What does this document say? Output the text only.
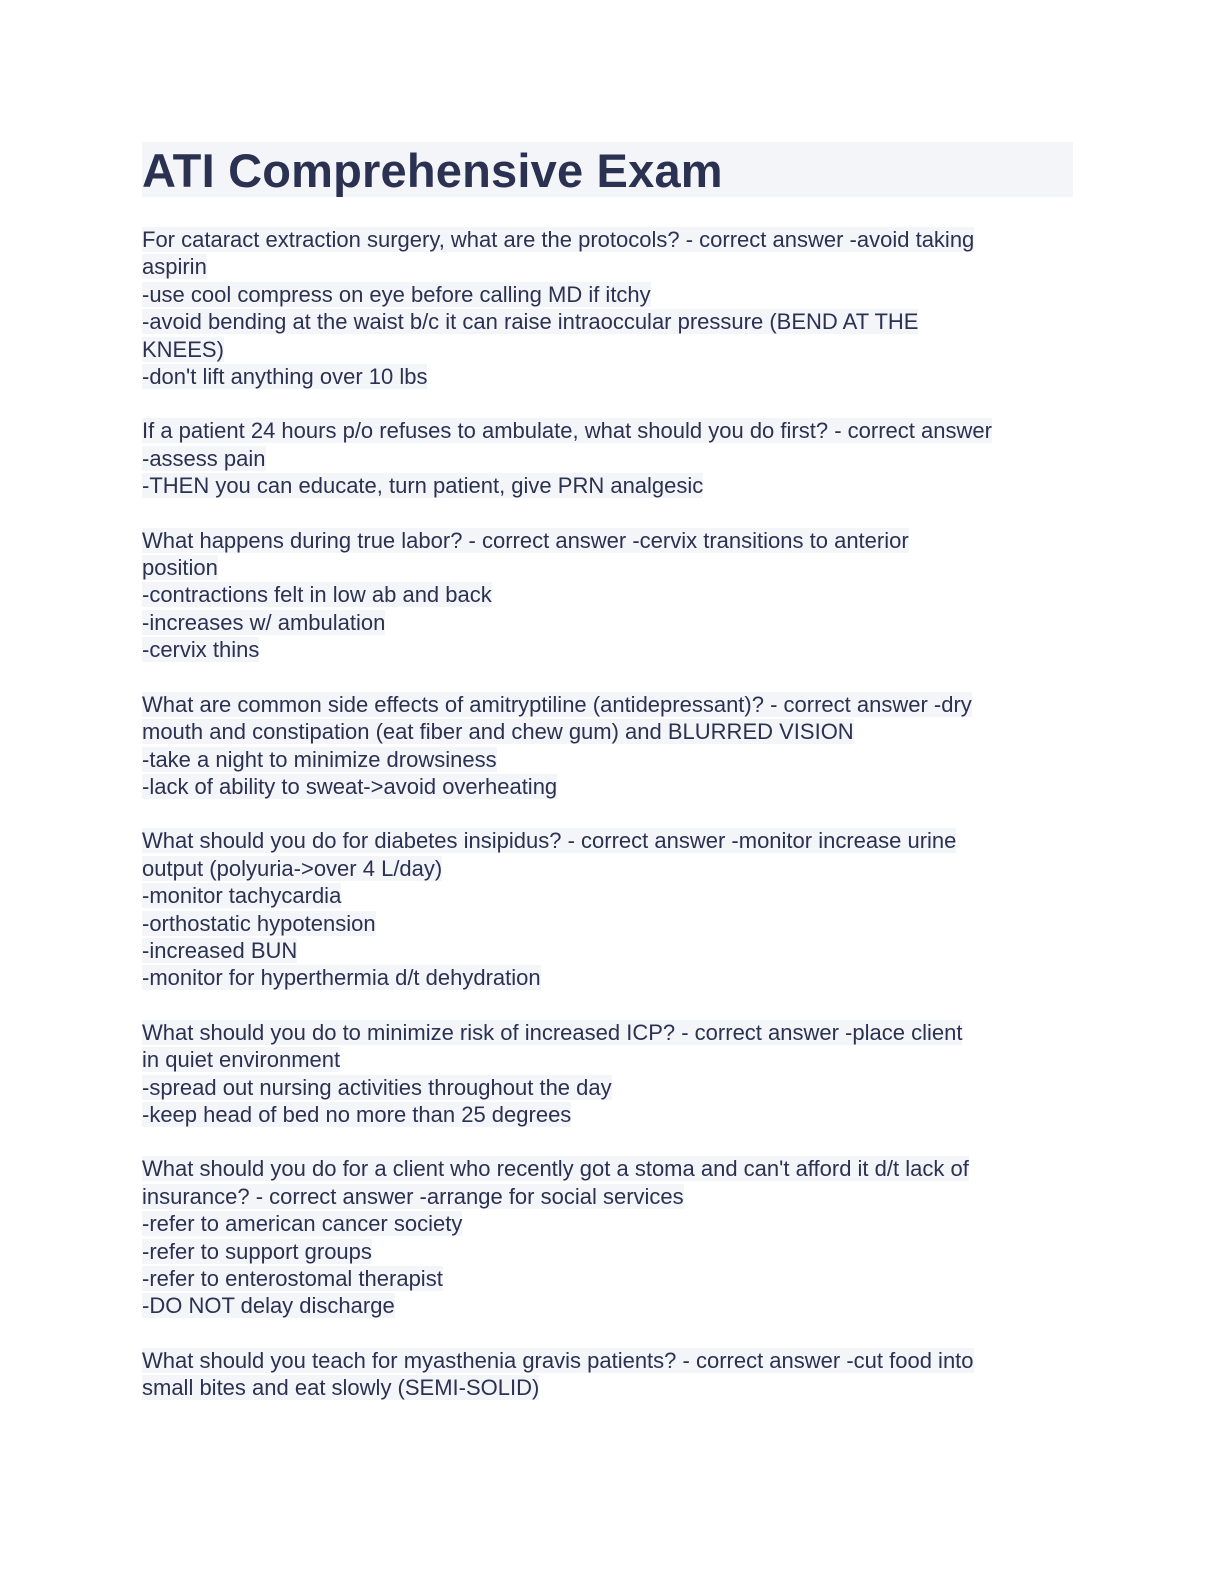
ATI Comprehensive Exam
For cataract extraction surgery, what are the protocols? - correct answer -avoid taking
aspirin
-use cool compress on eye before calling MD if itchy
-avoid bending at the waist b/c it can raise intraoccular pressure (BEND AT THE
KNEES)
-don't lift anything over 10 lbs
If a patient 24 hours p/o refuses to ambulate, what should you do first? - correct answer
-assess pain
-THEN you can educate, turn patient, give PRN analgesic
What happens during true labor? - correct answer -cervix transitions to anterior
position
-contractions felt in low ab and back
-increases w/ ambulation
-cervix thins
What are common side effects of amitryptiline (antidepressant)? - correct answer -dry
mouth and constipation (eat fiber and chew gum) and BLURRED VISION
-take a night to minimize drowsiness
-lack of ability to sweat->avoid overheating
What should you do for diabetes insipidus? - correct answer -monitor increase urine
output (polyuria->over 4 L/day)
-monitor tachycardia
-orthostatic hypotension
-increased BUN
-monitor for hyperthermia d/t dehydration
What should you do to minimize risk of increased ICP? - correct answer -place client
in quiet environment
-spread out nursing activities throughout the day
-keep head of bed no more than 25 degrees
What should you do for a client who recently got a stoma and can't afford it d/t lack of
insurance? - correct answer -arrange for social services
-refer to american cancer society
-refer to support groups
-refer to enterostomal therapist
-DO NOT delay discharge
What should you teach for myasthenia gravis patients? - correct answer -cut food into
small bites and eat slowly (SEMI-SOLID)
